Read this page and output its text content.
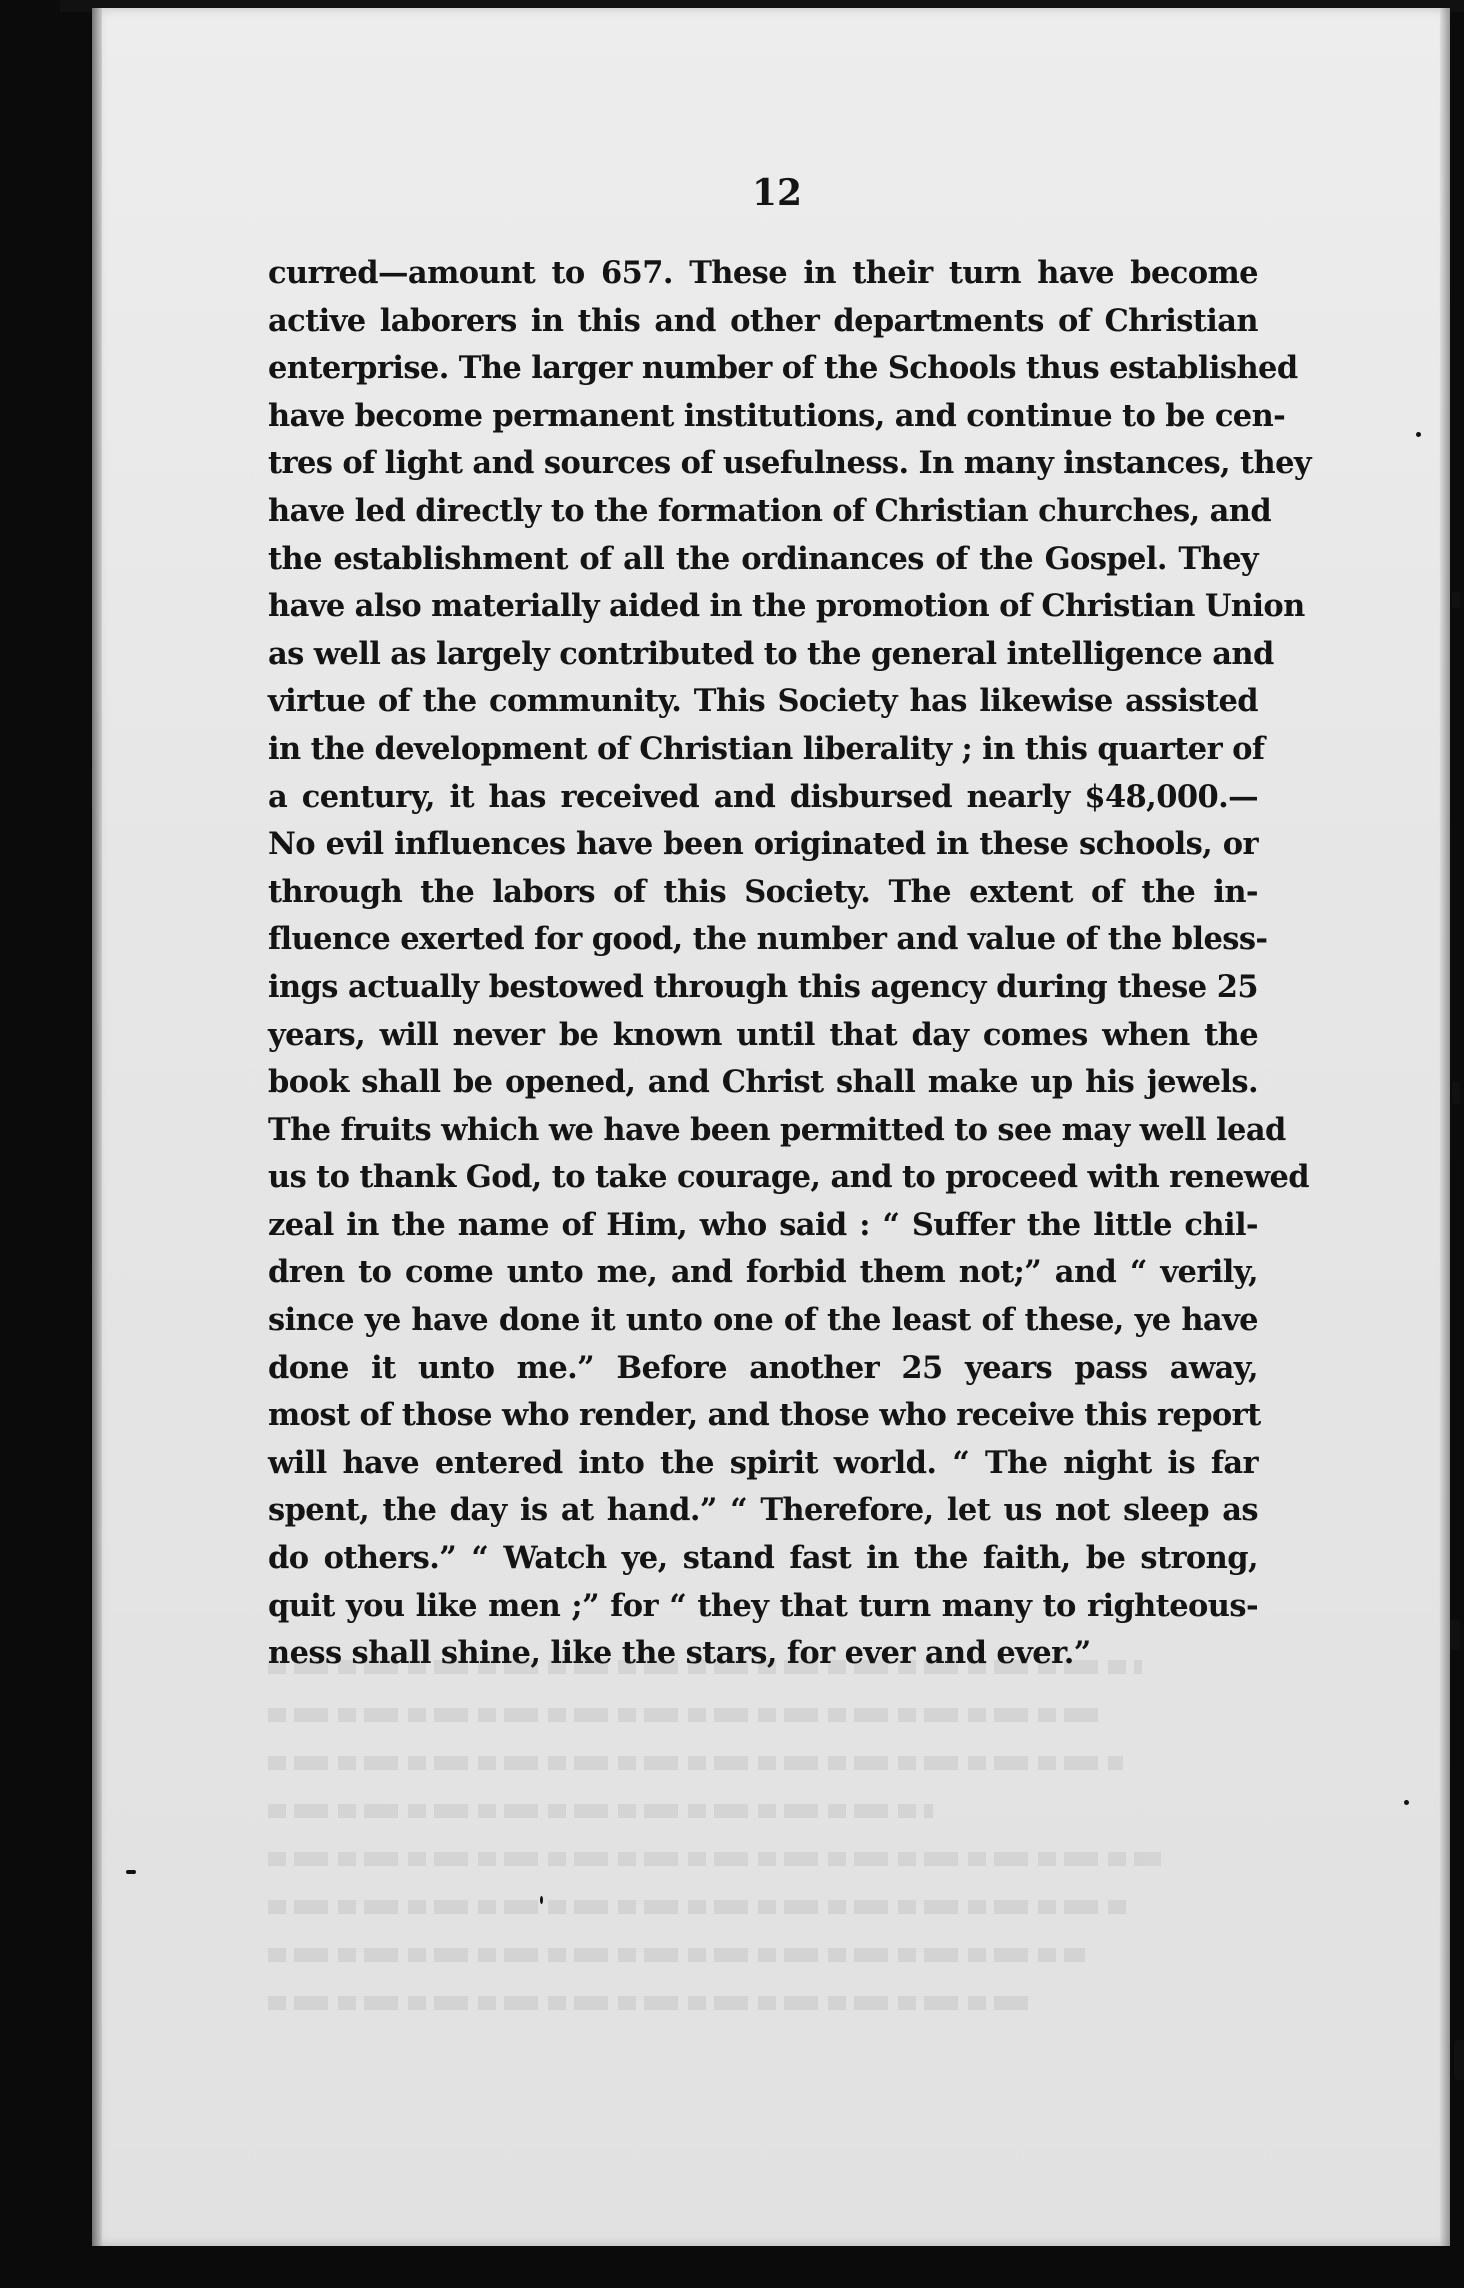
12
curred—amount to 657. These in their turn have become
active laborers in this and other departments of Christian
enterprise. The larger number of the Schools thus established
have become permanent institutions, and continue to be cen-
tres of light and sources of usefulness. In many instances, they
have led directly to the formation of Christian churches, and
the establishment of all the ordinances of the Gospel. They
have also materially aided in the promotion of Christian Union
as well as largely contributed to the general intelligence and
virtue of the community. This Society has likewise assisted
in the development of Christian liberality ; in this quarter of
a century, it has received and disbursed nearly $48,000.—
No evil influences have been originated in these schools, or
through the labors of this Society. The extent of the in-
fluence exerted for good, the number and value of the bless-
ings actually bestowed through this agency during these 25
years, will never be known until that day comes when the
book shall be opened, and Christ shall make up his jewels.
The fruits which we have been permitted to see may well lead
us to thank God, to take courage, and to proceed with renewed
zeal in the name of Him, who said : “ Suffer the little chil-
dren to come unto me, and forbid them not;” and “ verily,
since ye have done it unto one of the least of these, ye have
done it unto me.” Before another 25 years pass away,
most of those who render, and those who receive this report
will have entered into the spirit world. “ The night is far
spent, the day is at hand.” “ Therefore, let us not sleep as
do others.” “ Watch ye, stand fast in the faith, be strong,
quit you like men ;” for “ they that turn many to righteous-
ness shall shine, like the stars, for ever and ever.”
